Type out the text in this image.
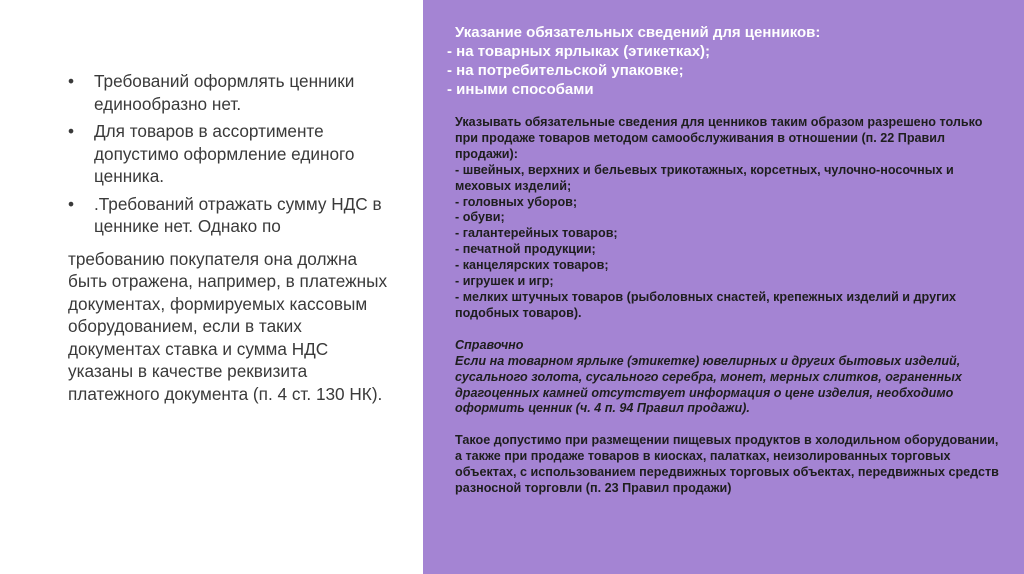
• Требований оформлять ценники единообразно нет.
• Для товаров в ассортименте допустимо оформление единого ценника.
• .Требований отражать сумму НДС в ценнике нет. Однако по
требованию покупателя она должна быть отражена, например, в платежных документах, формируемых кассовым оборудованием, если в таких документах ставка и сумма НДС указаны в качестве реквизита платежного документа (п. 4 ст. 130 НК).
Указание обязательных сведений для ценников:
- на товарных ярлыках (этикетках);
- на потребительской упаковке;
- иными способами

Указывать обязательные сведения для ценников таким образом разрешено только при продаже товаров методом самообслуживания в отношении (п. 22 Правил продажи):

- швейных, верхних и бельевых трикотажных, корсетных, чулочно-носочных и меховых изделий;
- головных уборов;
- обуви;
- галантерейных товаров;
- печатной продукции;
- канцелярских товаров;
- игрушек и игр;
- мелких штучных товаров (рыболовных снастей, крепежных изделий и других подобных товаров).
Справочно

Если на товарном ярлыке (этикетке) ювелирных и других бытовых изделий, сусального золота, сусального серебра, монет, мерных слитков, ограненных драгоценных камней отсутствует информация о цене изделия, необходимо оформить ценник (ч. 4 п. 94 Правил продажи).

Такое допустимо при размещении пищевых продуктов в холодильном оборудовании, а также при продаже товаров в киосках, палатках, неизолированных торговых объектах, с использованием передвижных торговых объектах, передвижных средств разносной торговли (п. 23 Правил продажи)
